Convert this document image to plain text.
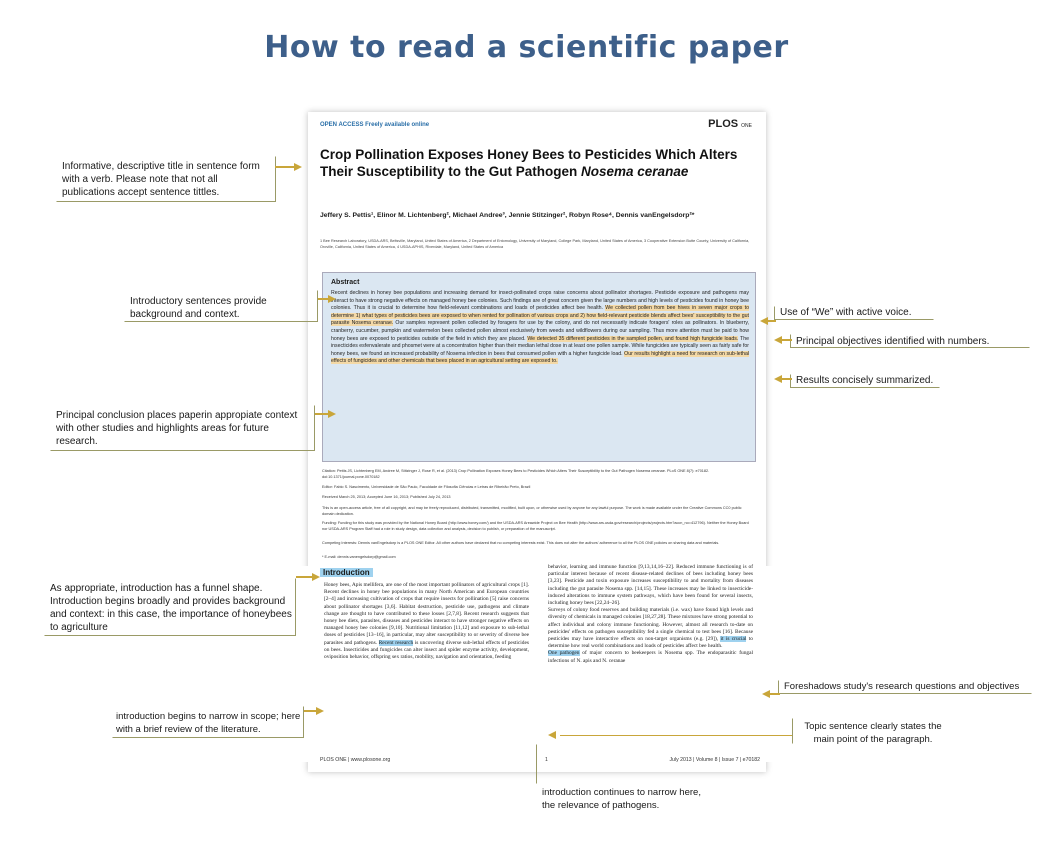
How to read a scientific paper
OPEN ACCESS Freely available online	PLOS ONE
Crop Pollination Exposes Honey Bees to Pesticides Which Alters Their Susceptibility to the Gut Pathogen Nosema ceranae
Jeffery S. Pettis¹, Elinor M. Lichtenberg², Michael Andree³, Jennie Stitzinger², Robyn Rose⁴, Dennis vanEngelsdorp²*
1 Bee Research Laboratory, USDA-ARS, Beltsville, Maryland, United States of America, 2 Department of Entomology, University of Maryland, College Park, Maryland, United States of America, 3 Cooperative Extension Butte County, University of California, Oroville, California, United States of America, 4 USDA-APHIS, Riverdale, Maryland, United States of America
Abstract
Recent declines in honey bee populations and increasing demand for insect-pollinated crops raise concerns about pollinator shortages. Pesticide exposure and pathogens may interact to have strong negative effects on managed honey bee colonies. Such findings are of great concern given the large numbers and high levels of pesticides found in honey bee colonies. Thus it is crucial to determine how field-relevant combinations and loads of pesticides affect bee health. We collected pollen from bee hives in seven major crops to determine 1) what types of pesticides bees are exposed to when rented for pollination of various crops and 2) how field-relevant pesticide blends affect bees' susceptibility to the gut parasite Nosema ceranae. Our samples represent pollen collected by foragers for use by the colony, and do not necessarily indicate foragers' roles as pollinators. In blueberry, cranberry, cucumber, pumpkin and watermelon bees collected pollen almost exclusively from weeds and wildflowers during our sampling. Thus more attention must be paid to how honey bees are exposed to pesticides outside of the field in which they are placed. We detected 35 different pesticides in the sampled pollen, and found high fungicide loads. The insecticides esfenvalerate and phosmet were at a concentration higher than their median lethal dose in at least one pollen sample. While fungicides are typically seen as fairly safe for honey bees, we found an increased probability of Nosema infection in bees that consumed pollen with a higher fungicide load. Our results highlight a need for research on sub-lethal effects of fungicides and other chemicals that bees placed in an agricultural setting are exposed to.
Citation: Pettis JS, Lichtenberg EM, Andree M, Stitzinger J, Rose R, et al. (2013) Crop Pollination Exposes Honey Bees to Pesticides Which Alters Their Susceptibility to the Gut Pathogen Nosema ceranae. PLoS ONE 8(7): e70182. doi:10.1371/journal.pone.0070182
Editor: Fabio S. Nascimento, Universidade de São Paulo, Faculdade de Filosofia Ciências e Letras de Ribeirão Preto, Brazil
Received March 25, 2013; Accepted June 16, 2013; Published July 24, 2013
This is an open-access article, free of all copyright, and may be freely reproduced, distributed, transmitted, modified, built upon, or otherwise used by anyone for any lawful purpose. The work is made available under the Creative Commons CC0 public domain dedication.
Funding: Funding for this study was provided by the National Honey Board (http://www.honey.com/) and the USDA-ARS Areawide Project on Bee Health (http://www.ars.usda.gov/research/projects/projects.htm?accn_no=412796). Neither the Honey Board nor USDA-ARS Program Staff had a role in study design, data collection and analysis, decision to publish, or preparation of the manuscript.
Competing Interests: Dennis vanEngelsdorp is a PLOS ONE Editor. All other authors have declared that no competing interests exist. This does not alter the authors' adherence to all the PLOS ONE policies on sharing data and materials.
* E-mail: dennis.vanengelsdorp@gmail.com
Introduction
Honey bees, Apis mellifera, are one of the most important pollinators of agricultural crops [1]. Recent declines in honey bee populations in many North American and European countries [2–4] and increasing cultivation of crops that require insects for pollination [5] raise concerns about pollinator shortages [3,6]. Habitat destruction, pesticide use, pathogens and climate change are thought to have contributed to these losses [2,7,8]. Recent research suggests that honey bee diets, parasites, diseases and pesticides interact to have stronger negative effects on managed honey bee colonies [9,10]. Nutritional limitation [11,12] and exposure to sub-lethal doses of pesticides [13–16], in particular, may alter susceptibility to or severity of diverse bee parasites and pathogens. Recent research is uncovering diverse sub-lethal effects of pesticides on bees. Insecticides and fungicides can alter insect and spider enzyme activity, development, oviposition behavior, offspring sex ratios, mobility, navigation and orientation, feeding
behavior, learning and immune function [9,13,14,16–22]. Reduced immune functioning is of particular interest because of recent disease-related declines of bees including honey bees [3,23]. Pesticide and toxin exposure increases susceptibility to and mortality from diseases including the gut parasite Nosema spp. [14,15]. These increases may be linked to insecticide-induced alterations to immune system pathways, which have been found for several insects, including honey bees [22,24–26].
Surveys of colony food reserves and building materials (i.e. wax) have found high levels and diversity of chemicals in managed colonies [18,27,28]. These mixtures have strong potential to affect individual and colony immune functioning. However, almost all research to-date on pesticides' effects on pathogen susceptibility fed a single chemical to test bees [16]. Because pesticides may have interactive effects on non-target organisms (e.g. [29]), it is crucial to determine how real world combinations and loads of pesticides affect bee health.
One pathogen of major concern to beekeepers is Nosema spp. The endoparasitic fungal infections of N. apis and N. ceranae
PLOS ONE | www.plosone.org	1	July 2013 | Volume 8 | Issue 7 | e70182
Informative, descriptive title in sentence form with a verb. Please note that not all publications accept sentence tittles.
Introductory sentences provide background and context.
Principal conclusion places paperin appropiate context with other studies and highlights areas for future research.
As appropriate, introduction has a funnel shape. Introduction begins broadly and provides background and context: in this case, the importance of honeybees to agriculture
introduction begins to narrow in scope; here with a brief review of the literature.
Use of “We” with active voice.
Principal objectives identified with numbers.
Results concisely summarized.
Foreshadows study's research questions and objectives
Topic sentence clearly states the main point of the paragraph.
introduction continues to narrow here, the relevance of pathogens.
